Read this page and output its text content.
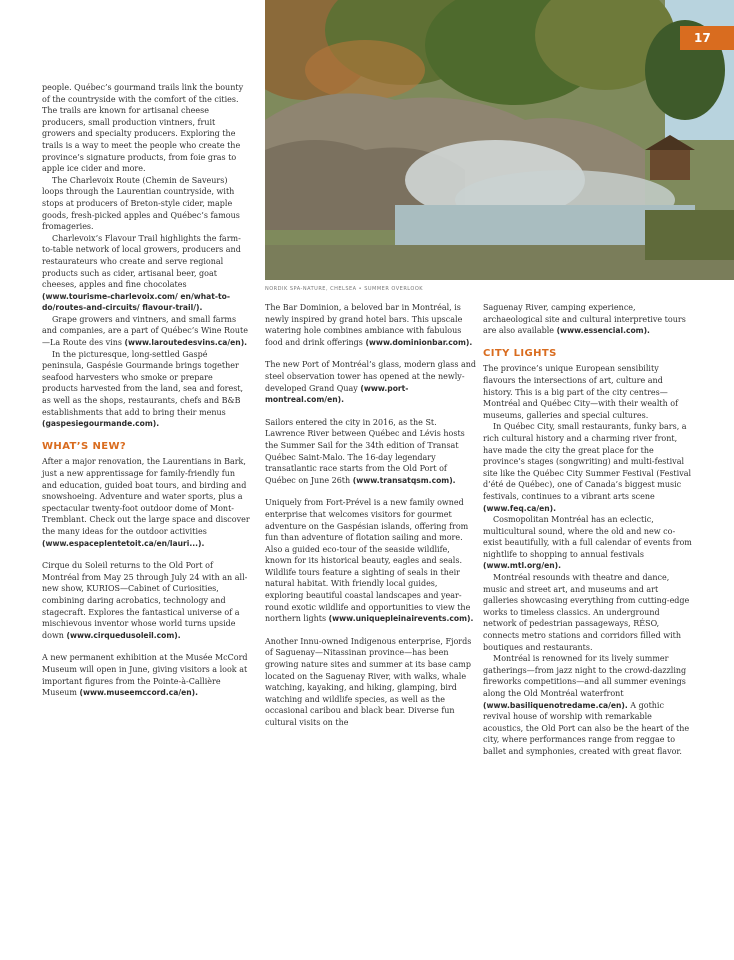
NORDIK SPA-NATURE, CHELSEA • SUMMER OVERLOOK
17

people. Québec’s gourmand trails link the bounty of the countryside with the comfort of the cities. The trails are known for artisanal cheese producers, small production vintners, fruit growers and specialty producers. Exploring the trails is a way to meet the people who create the province’s signature products, from foie gras to apple ice cider and more.

The Charlevoix Route (Chemin de Saveurs) loops through the Laurentian countryside, with stops at producers of Breton-style cider, maple goods, fresh-picked apples and Québec’s famous fromageries.

Charlevoix’s Flavour Trail highlights the farm-to-table network of local growers, producers and restaurateurs who create and serve regional products such as cider, artisanal beer, goat cheeses, apples and fine chocolates (www.tourisme-charlevoix.com/ en/what-to-do/routes-and-circuits/ flavour-trail/).

Grape growers and vintners, and small farms and companies, are a part of Québec’s Wine Route—La Route des vins (www.laroutedesvins.ca/en).

In the picturesque, long-settled Gaspé peninsula, Gaspésie Gourmande brings together seafood harvesters who smoke or prepare products harvested from the land, sea and forest, as well as the shops, restaurants, chefs and B&B establishments that add to bring their menus (gaspesiegourmande.com).

WHAT’S NEW?

After a major renovation, the Laurentians in Bark, just a new apprentissage for family-friendly fun and education, guided boat tours, and birding and snowshoeing. Adventure and water sports, plus a spectacular twenty-foot outdoor dome of Mont-Tremblant. Check out the large space and discover the many ideas for the outdoor activities (www.espaceplentetoit.ca/en/lauri...).

Cirque du Soleil returns to the Old Port of Montréal from May 25 through July 24 with an all-new show, KURIOS—Cabinet of Curiosities, combining daring acrobatics, technology and stagecraft. Explores the fantastical universe of a mischievous inventor whose world turns upside down (www.cirquedusoleil.com).

A new permanent exhibition at the Musée McCord Museum will open in June, giving visitors a look at important figures from the Pointe-à-Callière Museum (www.museemccord.ca/en).

The Bar Dominion, a beloved bar in Montréal, is newly inspired by grand hotel bars. This upscale watering hole combines ambiance with fabulous food and drink offerings (www.dominionbar.com).

The new Port of Montréal’s glass, modern glass and steel observation tower has opened at the newly-developed Grand Quay (www.port-montreal.com/en).

Sailors entered the city in 2016, as the St. Lawrence River between Québec and Lévis hosts the Summer Sail for the 34th edition of Transat Québec Saint-Malo. The 16-day legendary transatlantic race starts from the Old Port of Québec on June 26th (www.transatqsm.com).

Uniquely from Fort-Prével is a new family owned enterprise that welcomes visitors for gourmet adventure on the Gaspésian islands, offering from fun than adventure of flotation sailing and more. Also a guided eco-tour of the seaside wildlife, known for its historical beauty, eagles and seals. Wildlife tours feature a sighting of seals in their natural habitat. With friendly local guides, exploring beautiful coastal landscapes and year-round exotic wildlife and opportunities to view the northern lights (www.uniquepleinairevents.com).

Another Innu-owned Indigenous enterprise, Fjords of Saguenay—Nitassinan province—has been growing nature sites and summer at its base camp located on the Saguenay River, with walks, whale watching, kayaking, and hiking, glamping, bird watching and wildlife species, as well as the occasional caribou and black bear. Diverse fun cultural visits on the

Saguenay River, camping experience, archaeological site and cultural interpretive tours are also available (www.essencial.com).

CITY LIGHTS

The province’s unique European sensibility flavours the intersections of art, culture and history. This is a big part of the city centres—Montréal and Québec City—with their wealth of museums, galleries and special cultures.

In Québec City, small restaurants, funky bars, a rich cultural history and a charming river front, have made the city the great place for the province’s stages (songwriting) and multi-festival site like the Québec City Summer Festival (Festival d’été de Québec), one of Canada’s biggest music festivals, continues to a vibrant arts scene (www.feq.ca/en).

Cosmopolitan Montréal has an eclectic, multicultural sound, where the old and new co-exist beautifully, with a full calendar of events from nightlife to shopping to annual festivals (www.mtl.org/en).

Montréal resounds with theatre and dance, music and street art, and museums and art galleries showcasing everything from cutting-edge works to timeless classics. An underground network of pedestrian passageways, RÉSO, connects metro stations and corridors filled with boutiques and restaurants.

Montréal is renowned for its lively summer gatherings—from jazz night to the crowd-dazzling fireworks competitions—and all summer evenings along the Old Montréal waterfront (www.basiliquenotredame.ca/en). A gothic revival house of worship with remarkable acoustics, the Old Port can also be the heart of the city, where performances range from reggae to ballet and symphonies, created with great flavor.
